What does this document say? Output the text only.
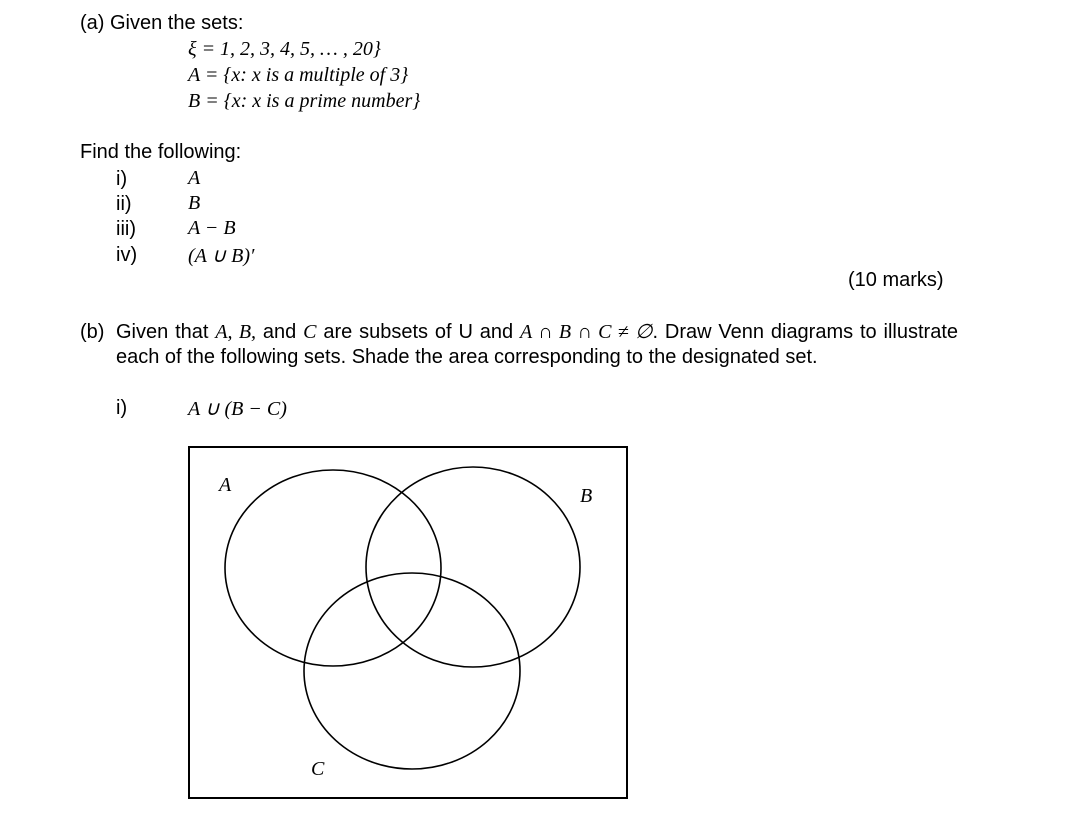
(a) Given the sets:
ξ = 1, 2, 3, 4, 5, … , 20}
A = {x: x is a multiple of 3}
B = {x: x is a prime number}
Find the following:
i)	A
ii)	B
iii)	A − B
iv)	(A ∪ B)′
(10 marks)
(b) Given that A, B, and C are subsets of U and A ∩ B ∩ C ≠ ∅. Draw Venn diagrams to illustrate each of the following sets. Shade the area corresponding to the designated set.
i)	A ∪ (B − C)
A	B
C
